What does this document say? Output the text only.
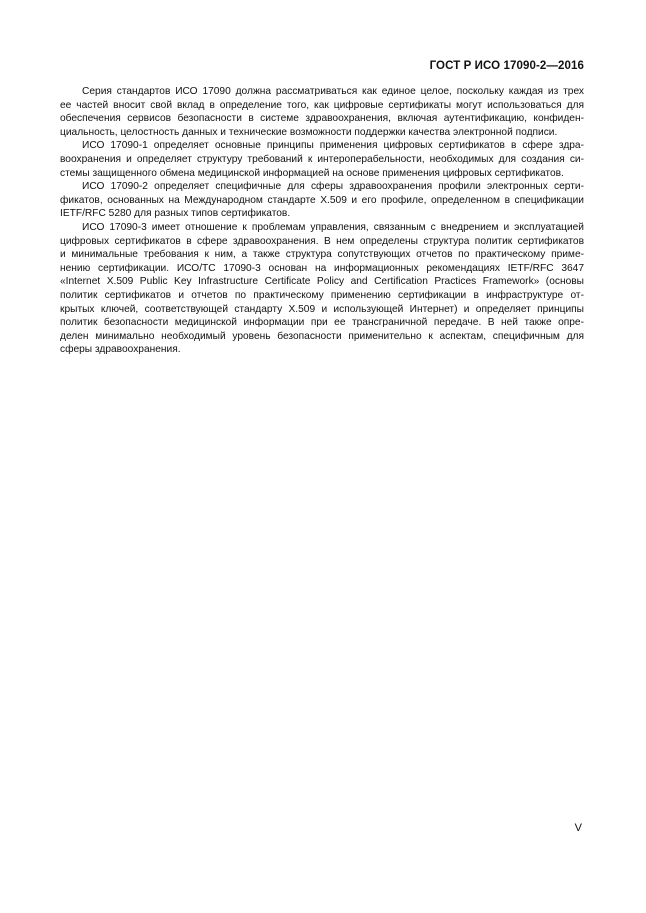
ГОСТ Р ИСО 17090-2—2016

Серия стандартов ИСО 17090 должна рассматриваться как единое целое, поскольку каждая из трех
ее частей вносит свой вклад в определение того, как цифровые сертификаты могут использоваться для
обеспечения сервисов безопасности в системе здравоохранения, включая аутентификацию, конфиден-
циальность, целостность данных и технические возможности поддержки качества электронной подписи.

ИСО 17090-1 определяет основные принципы применения цифровых сертификатов в сфере здра-
воохранения и определяет структуру требований к интероперабельности, необходимых для создания си-
стемы защищенного обмена медицинской информацией на основе применения цифровых сертификатов.

ИСО 17090-2 определяет специфичные для сферы здравоохранения профили электронных серти-
фикатов, основанных на Международном стандарте X.509 и его профиле, определенном в спецификации
IETF/RFC 5280 для разных типов сертификатов.

ИСО 17090-3 имеет отношение к проблемам управления, связанным с внедрением и эксплуатацией
цифровых сертификатов в сфере здравоохранения. В нем определены структура политик сертификатов
и минимальные требования к ним, а также структура сопутствующих отчетов по практическому приме-
нению сертификации. ИСО/ТС 17090-3 основан на информационных рекомендациях IETF/RFC 3647
«Internet X.509 Public Key Infrastructure Certificate Policy and Certification Practices Framework» (основы
политик сертификатов и отчетов по практическому применению сертификации в инфраструктуре от-
крытых ключей, соответствующей стандарту X.509 и использующей Интернет) и определяет принципы
политик безопасности медицинской информации при ее трансграничной передаче. В ней также опре-
делен минимально необходимый уровень безопасности применительно к аспектам, специфичным для
сферы здравоохранения.

V
